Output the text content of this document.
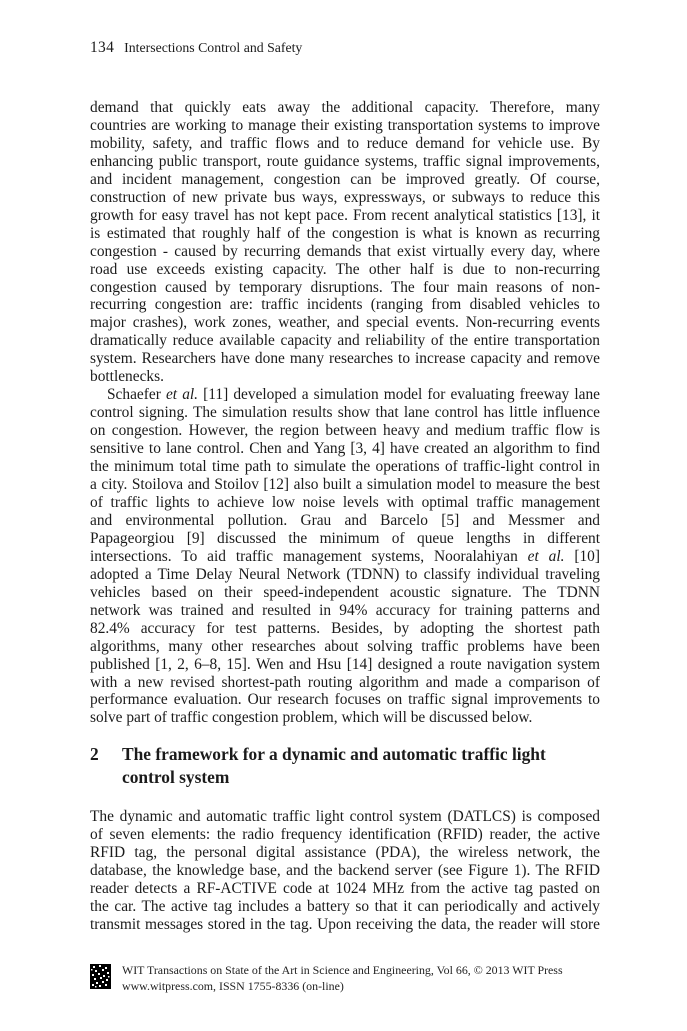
134 Intersections Control and Safety
demand that quickly eats away the additional capacity. Therefore, many
countries are working to manage their existing transportation systems to improve
mobility, safety, and traffic flows and to reduce demand for vehicle use. By
enhancing public transport, route guidance systems, traffic signal improvements,
and incident management, congestion can be improved greatly. Of course,
construction of new private bus ways, expressways, or subways to reduce this
growth for easy travel has not kept pace. From recent analytical statistics [13], it
is estimated that roughly half of the congestion is what is known as recurring
congestion - caused by recurring demands that exist virtually every day, where
road use exceeds existing capacity. The other half is due to non-recurring
congestion caused by temporary disruptions. The four main reasons of non-
recurring congestion are: traffic incidents (ranging from disabled vehicles to
major crashes), work zones, weather, and special events. Non-recurring events
dramatically reduce available capacity and reliability of the entire transportation
system. Researchers have done many researches to increase capacity and remove
bottlenecks.
Schaefer et al. [11] developed a simulation model for evaluating freeway lane
control signing. The simulation results show that lane control has little influence
on congestion. However, the region between heavy and medium traffic flow is
sensitive to lane control. Chen and Yang [3, 4] have created an algorithm to find
the minimum total time path to simulate the operations of traffic-light control in
a city. Stoilova and Stoilov [12] also built a simulation model to measure the best
of traffic lights to achieve low noise levels with optimal traffic management
and environmental pollution. Grau and Barcelo [5] and Messmer and
Papageorgiou [9] discussed the minimum of queue lengths in different
intersections. To aid traffic management systems, Nooralahiyan et al. [10]
adopted a Time Delay Neural Network (TDNN) to classify individual traveling
vehicles based on their speed-independent acoustic signature. The TDNN
network was trained and resulted in 94% accuracy for training patterns and
82.4% accuracy for test patterns. Besides, by adopting the shortest path
algorithms, many other researches about solving traffic problems have been
published [1, 2, 6–8, 15]. Wen and Hsu [14] designed a route navigation system
with a new revised shortest-path routing algorithm and made a comparison of
performance evaluation. Our research focuses on traffic signal improvements to
solve part of traffic congestion problem, which will be discussed below.
2	The framework for a dynamic and automatic traffic light
control system
The dynamic and automatic traffic light control system (DATLCS) is composed
of seven elements: the radio frequency identification (RFID) reader, the active
RFID tag, the personal digital assistance (PDA), the wireless network, the
database, the knowledge base, and the backend server (see Figure 1). The RFID
reader detects a RF-ACTIVE code at 1024 MHz from the active tag pasted on
the car. The active tag includes a battery so that it can periodically and actively
transmit messages stored in the tag. Upon receiving the data, the reader will store
WIT Transactions on State of the Art in Science and Engineering, Vol 66, © 2013 WIT Press
www.witpress.com, ISSN 1755-8336 (on-line)
